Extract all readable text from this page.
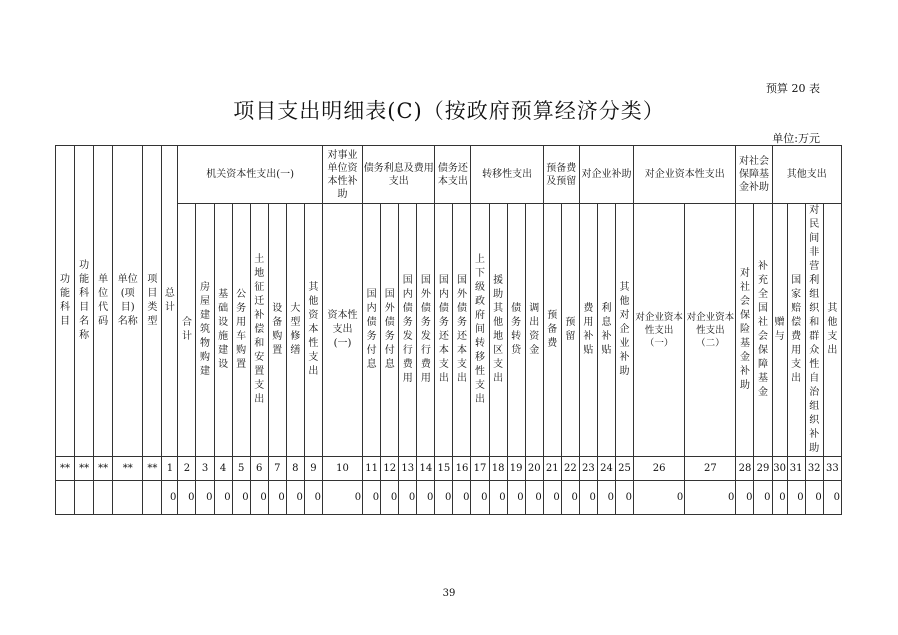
预算 20 表
项目支出明细表(C)（按政府预算经济分类）
单位:万元
功能科目	功能科目名称	单位代码	单位(项目)名称	项目类型	总计	机关资本性支出(一)								对事业单位资本性补助	债务利息及费用支出				债务还本支出		转移性支出				预备费及预留		对企业补助			对企业资本性支出		对社会保障基金补助		其他支出			
						合计	房屋建筑物购建	基础设施建设	公务用车购置	土地征迁补偿和安置支出	设备购置	大型修缮	其他资本性支出	资本性支出(一)	国内债务付息	国外债务付息	国内债务发行费用	国外债务发行费用	国内债务还本支出	国外债务还本支出	上下级政府间转移性支出	援助其他地区支出	债务转贷	调出资金	预备费	预留	费用补贴	利息补贴	其他对企业补助	对企业资本性支出（一）	对企业资本性支出（二）	对社会保险基金补助	补充全国社会保障基金	赠与	国家赔偿费用支出	对民间非营利组织和群众性自治组织补助	其他支出
**	**	**	**	**	1	2	3	4	5	6	7	8	9	10	11	12	13	14	15	16	17	18	19	20	21	22	23	24	25	26	27	28	29	30	31	32	33
					0	0	0	0	0	0	0	0	0	0	0	0	0	0	0	0	0	0	0	0	0	0	0	0	0	0	0	0	0	0	0	0	0
39
